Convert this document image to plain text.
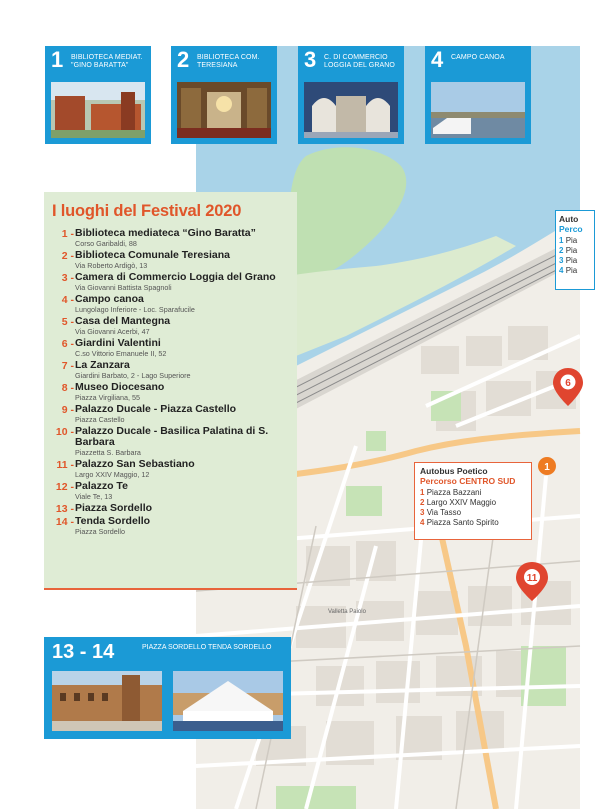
6
1
11
Valletta Paiolo
1 BIBLIOTECA MEDIAT. "GINO BARATTA"	2 BIBLIOTECA COM. TERESIANA	3 C. DI COMMERCIO LOGGIA DEL GRANO	4 CAMPO CANOA
I luoghi del Festival 2020
1 - Biblioteca mediateca “Gino Baratta”
Corso Garibaldi, 88
2 - Biblioteca Comunale Teresiana
Via Roberto Ardigò, 13
3 - Camera di Commercio Loggia del Grano
Via Giovanni Battista Spagnoli
4 - Campo canoa
Lungolago Inferiore - Loc. Sparafucile
5 - Casa del Mantegna
Via Giovanni Acerbi, 47
6 - Giardini Valentini
C.so Vittorio Emanuele II, 52
7 - La Zanzara
Giardini Barbato, 2 - Lago Superiore
8 - Museo Diocesano
Piazza Virgiliana, 55
9 - Palazzo Ducale - Piazza Castello
Piazza Castello
10 - Palazzo Ducale - Basilica Palatina di S. Barbara
Piazzetta S. Barbara
11 - Palazzo San Sebastiano
Largo XXIV Maggio, 12
12 - Palazzo Te
Viale Te, 13
13 - Piazza Sordello
14 - Tenda Sordello
Piazza Sordello
Auto
Perco
1 Pia
2 Pia
3 Pia
4 Pia
Autobus Poetico
Percorso CENTRO SUD
1 Piazza Bazzani
2 Largo XXIV Maggio
3 Via Tasso
4 Piazza Santo Spirito
13 - 14	PIAZZA SORDELLO TENDA SORDELLO
